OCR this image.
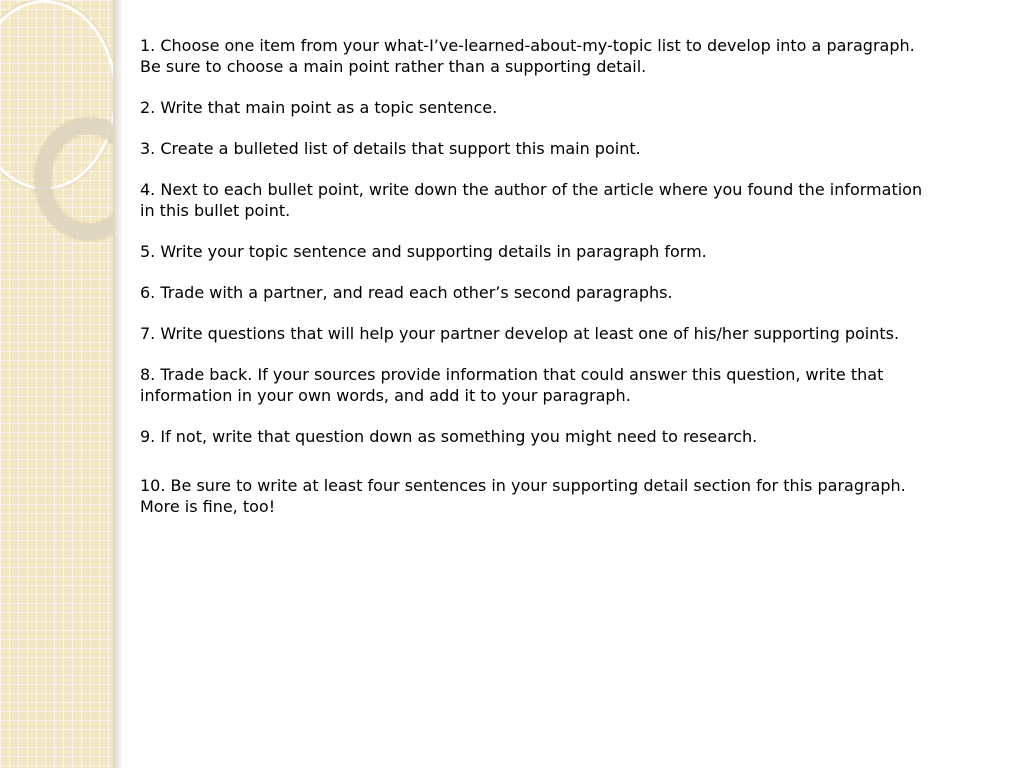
1. Choose one item from your what-I’ve-learned-about-my-topic list to develop into a paragraph. Be sure to choose a main point rather than a supporting detail.

2. Write that main point as a topic sentence.

3. Create a bulleted list of details that support this main point.

4. Next to each bullet point, write down the author of the article where you found the information in this bullet point.

5. Write your topic sentence and supporting details in paragraph form.

6. Trade with a partner, and read each other’s second paragraphs.

7. Write questions that will help your partner develop at least one of his/her supporting points.

8. Trade back. If your sources provide information that could answer this question, write that information in your own words, and add it to your paragraph.

9. If not, write that question down as something you might need to research.

10. Be sure to write at least four sentences in your supporting detail section for this paragraph. More is fine, too!
